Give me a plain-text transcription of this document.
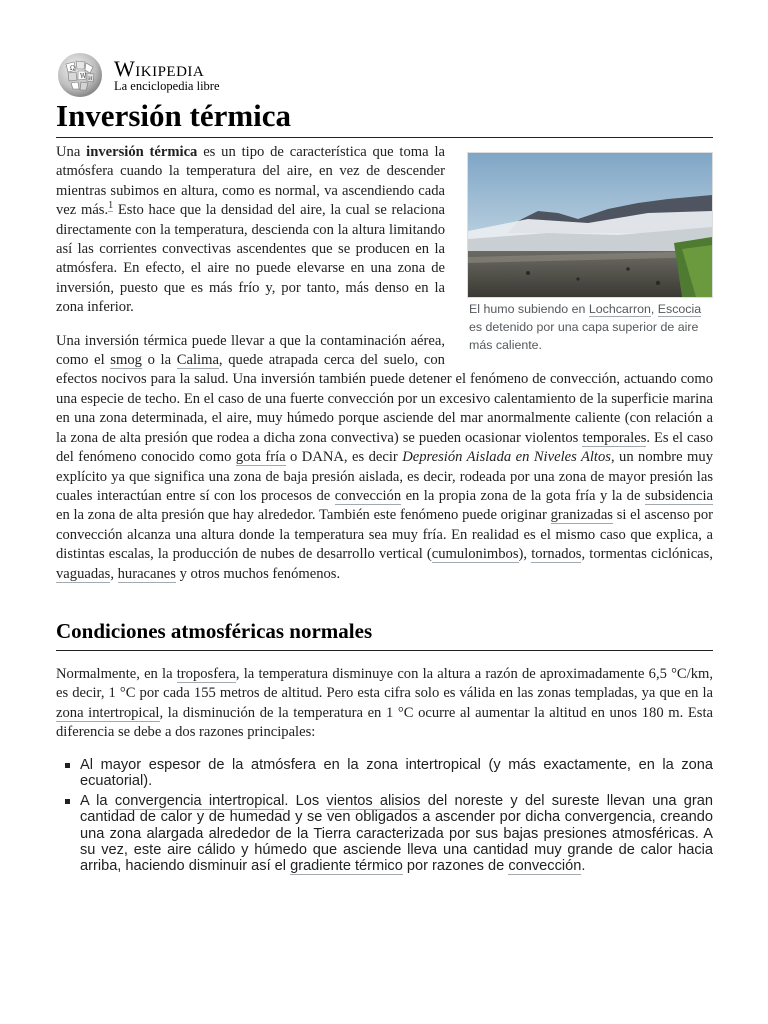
Ω
W И Wikipedia
La enciclopedia libre
Inversión térmica
El humo subiendo en Lochcarron, Escocia es detenido por una capa superior de aire más caliente.

Una inversión térmica es un tipo de característica que toma la atmósfera cuando la temperatura del aire, en vez de descender mientras subimos en altura, como es normal, va ascendiendo cada vez más.$^1$ Esto hace que la densidad del aire, la cual se relaciona directamente con la temperatura, descienda con la altura limitando así las corrientes convectivas ascendentes que se producen en la atmósfera. En efecto, el aire no puede elevarse en una zona de inversión, puesto que es más frío y, por tanto, más denso en la zona inferior.

Una inversión térmica puede llevar a que la contaminación aérea, como el smog o la Calima, quede atrapada cerca del suelo, con efectos nocivos para la salud. Una inversión también puede detener el fenómeno de convección, actuando como una especie de techo. En el caso de una fuerte convección por un excesivo calentamiento de la superficie marina en una zona determinada, el aire, muy húmedo porque asciende del mar anormalmente caliente (con relación a la zona de alta presión que rodea a dicha zona convectiva) se pueden ocasionar violentos temporales. Es el caso del fenómeno conocido como gota fría o DANA, es decir Depresión Aislada en Niveles Altos, un nombre muy explícito ya que significa una zona de baja presión aislada, es decir, rodeada por una zona de mayor presión las cuales interactúan entre sí con los procesos de convección en la propia zona de la gota fría y la de subsidencia en la zona de alta presión que hay alrededor. También este fenómeno puede originar granizadas si el ascenso por convección alcanza una altura donde la temperatura sea muy fría. En realidad es el mismo caso que explica, a distintas escalas, la producción de nubes de desarrollo vertical (cumulonimbos), tornados, tormentas ciclónicas, vaguadas, huracanes y otros muchos fenómenos.

Condiciones atmosféricas normales

Normalmente, en la troposfera, la temperatura disminuye con la altura a razón de aproximadamente 6,5 °C/km, es decir, 1 °C por cada 155 metros de altitud. Pero esta cifra solo es válida en las zonas templadas, ya que en la zona intertropical, la disminución de la temperatura en 1 °C ocurre al aumentar la altitud en unos 180 m. Esta diferencia se debe a dos razones principales:

Al mayor espesor de la atmósfera en la zona intertropical (y más exactamente, en la zona ecuatorial).
A la convergencia intertropical. Los vientos alisios del noreste y del sureste llevan una gran cantidad de calor y de humedad y se ven obligados a ascender por dicha convergencia, creando una zona alargada alrededor de la Tierra caracterizada por sus bajas presiones atmosféricas. A su vez, este aire cálido y húmedo que asciende lleva una cantidad muy grande de calor hacia arriba, haciendo disminuir así el gradiente térmico por razones de convección.
